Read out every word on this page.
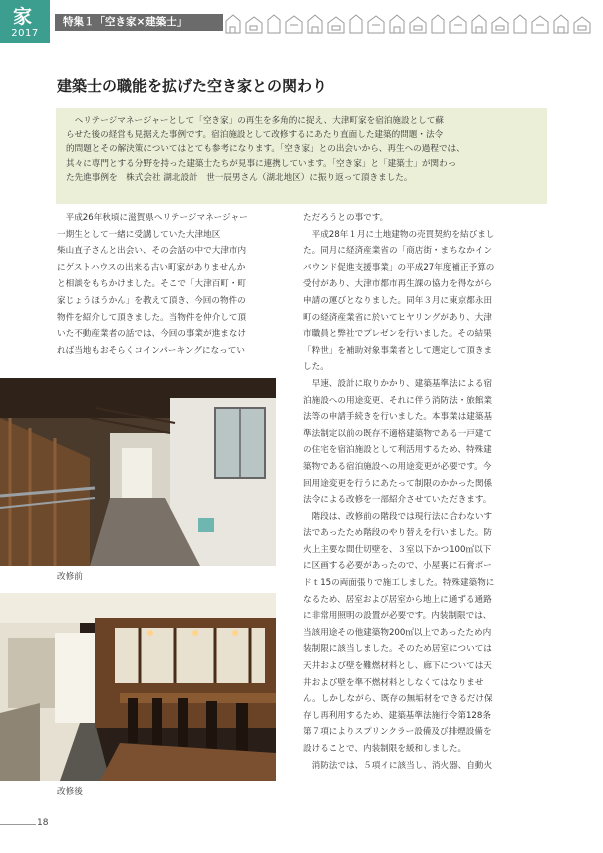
家
2017
特集１「空き家×建築士」
建築士の職能を拡げた空き家との関わり

ヘリテージマネージャーとして「空き家」の再生を多角的に捉え、大津町家を宿泊施設として蘇
らせた後の経営も見据えた事例です。宿泊施設として改修するにあたり直面した建築的問題・法令
的問題とその解決策についてはとても参考になります。「空き家」との出会いから、再生への過程では、
其々に専門とする分野を持った建築士たちが見事に連携しています。「空き家」と「建築士」が関わっ
た先進事例を　株式会社 湖北設計　世一辰男さん（湖北地区）に振り返って頂きました。

平成26年秋頃に滋賀県ヘリテージマネージャー
一期生として一緒に受講していた大津地区
柴山直子さんと出会い、その会話の中で大津市内
にゲストハウスの出来る古い町家がありませんか
と相談をもちかけました。そこで「大津百町・町
家じょうほうかん」を教えて頂き、今回の物件の
物件を紹介して頂きました。当物件を仲介して頂
いた不動産業者の話では、今回の事業が進まなけ
れば当地もおそらくコインパーキングになってい

ただろうとの事です。

平成28年１月に土地建物の売買契約を結びまし
た。同月に経済産業省の「商店街・まちなかイン
バウンド促進支援事業」の平成27年度補正予算の
受付があり、大津市都市再生課の協力を得ながら
申請の運びとなりました。同年３月に東京都永田
町の経済産業省に於いてヒヤリングがあり、大津
市職員と弊社でプレゼンを行いました。その結果
「粋世」を補助対象事業者として選定して頂きま
した。

早速、設計に取りかかり、建築基準法による宿
泊施設への用途変更、それに伴う消防法・旅館業
法等の申請手続きを行いました。本事業は建築基
準法制定以前の既存不適格建築物である一戸建て
の住宅を宿泊施設として利活用するため、特殊建
築物である宿泊施設への用途変更が必要です。今
回用途変更を行うにあたって制限のかかった関係
法令による改修を一部紹介させていただきます。

階段は、改修前の階段では現行法に合わないす
法であったため階段のやり替えを行いました。防
火上主要な間仕切壁を、３室以下かつ100㎡以下
に区画する必要があったので、小屋裏に石膏ボー
ドｔ15の両面張りで施工しました。特殊建築物に
なるため、居室および居室から地上に通ずる通路
に非常用照明の設置が必要です。内装制限では、
当該用途その他建築物200㎡以上であったため内
装制限に該当しました。そのため居室については
天井および壁を難燃材料とし、廊下については天
井および壁を準不燃材料としなくてはなりませ
ん。しかしながら、既存の無垢材をできるだけ保
存し再利用するため、建築基準法施行令第128条
第７項によりスプリンクラー設備及び排煙設備を
設けることで、内装制限を緩和しました。

消防法では、５項イに該当し、消火器、自動火

改修前
改修後
18
